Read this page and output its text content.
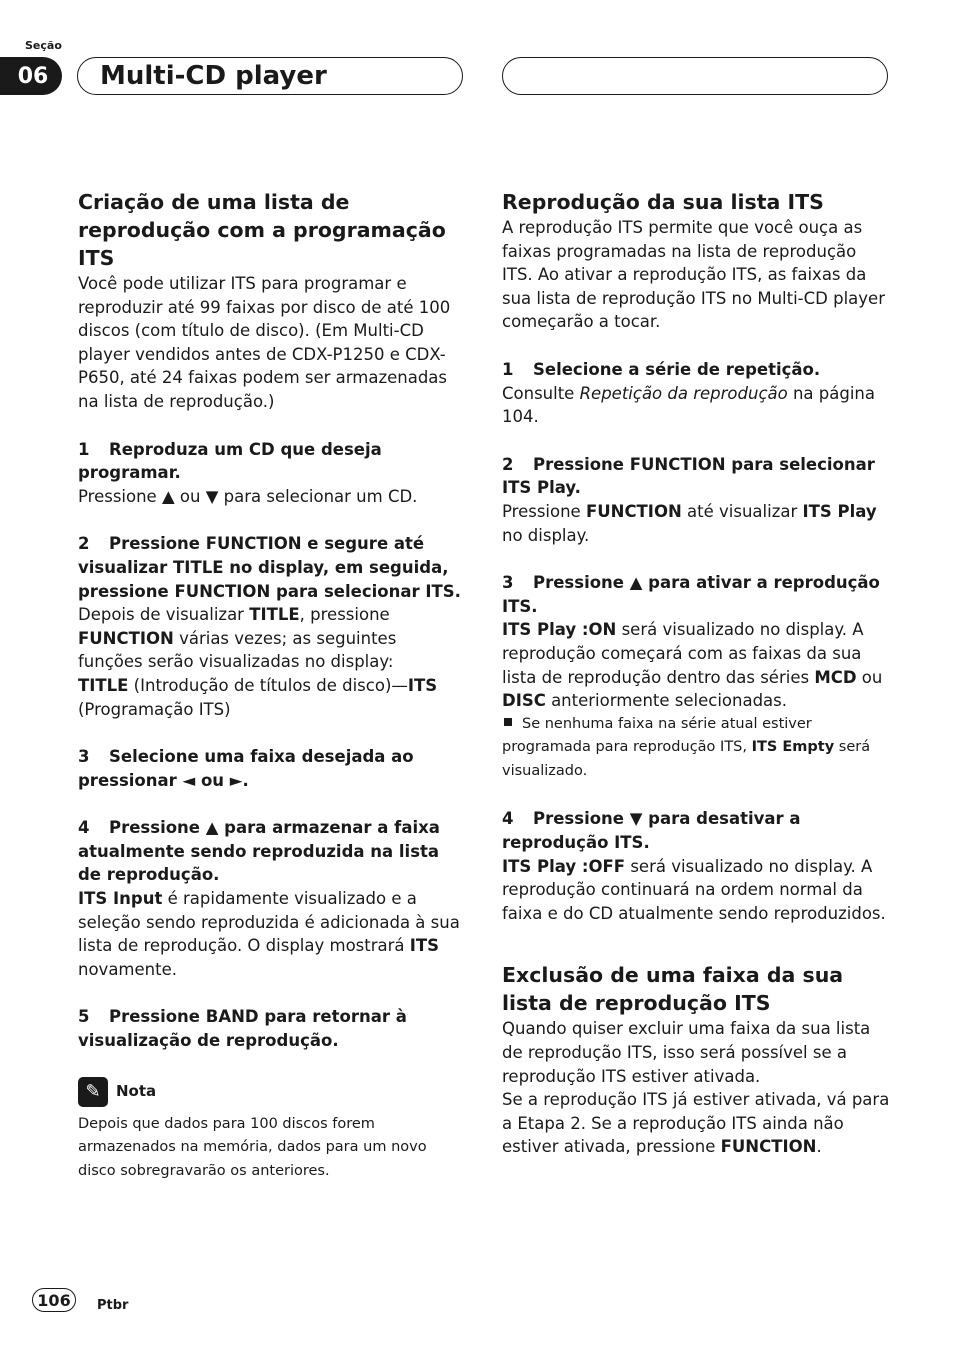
Seção
06	Multi-CD player

Criação de uma lista de reprodução com a programação ITS

Você pode utilizar ITS para programar e reproduzir até 99 faixas por disco de até 100 discos (com título de disco). (Em Multi-CD player vendidos antes de CDX-P1250 e CDX-P650, até 24 faixas podem ser armazenadas na lista de reprodução.)

1 Reproduza um CD que deseja programar.

Pressione ▲ ou ▼ para selecionar um CD.

2 Pressione FUNCTION e segure até visualizar TITLE no display, em seguida, pressione FUNCTION para selecionar ITS.

Depois de visualizar TITLE, pressione FUNCTION várias vezes; as seguintes funções serão visualizadas no display:

TITLE (Introdução de títulos de disco)—ITS (Programação ITS)

3 Selecione uma faixa desejada ao pressionar ◄ ou ►.

4 Pressione ▲ para armazenar a faixa atualmente sendo reproduzida na lista de reprodução.

ITS Input é rapidamente visualizado e a seleção sendo reproduzida é adicionada à sua lista de reprodução. O display mostrará ITS novamente.

5 Pressione BAND para retornar à visualização de reprodução.

✎	Nota

Depois que dados para 100 discos forem armazenados na memória, dados para um novo disco sobregravarão os anteriores.

Reprodução da sua lista ITS

A reprodução ITS permite que você ouça as faixas programadas na lista de reprodução ITS. Ao ativar a reprodução ITS, as faixas da sua lista de reprodução ITS no Multi-CD player começarão a tocar.

1 Selecione a série de repetição.

Consulte Repetição da reprodução na página 104.

2 Pressione FUNCTION para selecionar ITS Play.

Pressione FUNCTION até visualizar ITS Play no display.

3 Pressione ▲ para ativar a reprodução ITS.

ITS Play :ON será visualizado no display. A reprodução começará com as faixas da sua lista de reprodução dentro das séries MCD ou DISC anteriormente selecionadas.

Se nenhuma faixa na série atual estiver programada para reprodução ITS, ITS Empty será visualizado.

4 Pressione ▼ para desativar a reprodução ITS.

ITS Play :OFF será visualizado no display. A reprodução continuará na ordem normal da faixa e do CD atualmente sendo reproduzidos.

Exclusão de uma faixa da sua lista de reprodução ITS

Quando quiser excluir uma faixa da sua lista de reprodução ITS, isso será possível se a reprodução ITS estiver ativada.

Se a reprodução ITS já estiver ativada, vá para a Etapa 2. Se a reprodução ITS ainda não estiver ativada, pressione FUNCTION.

106	Ptbr
